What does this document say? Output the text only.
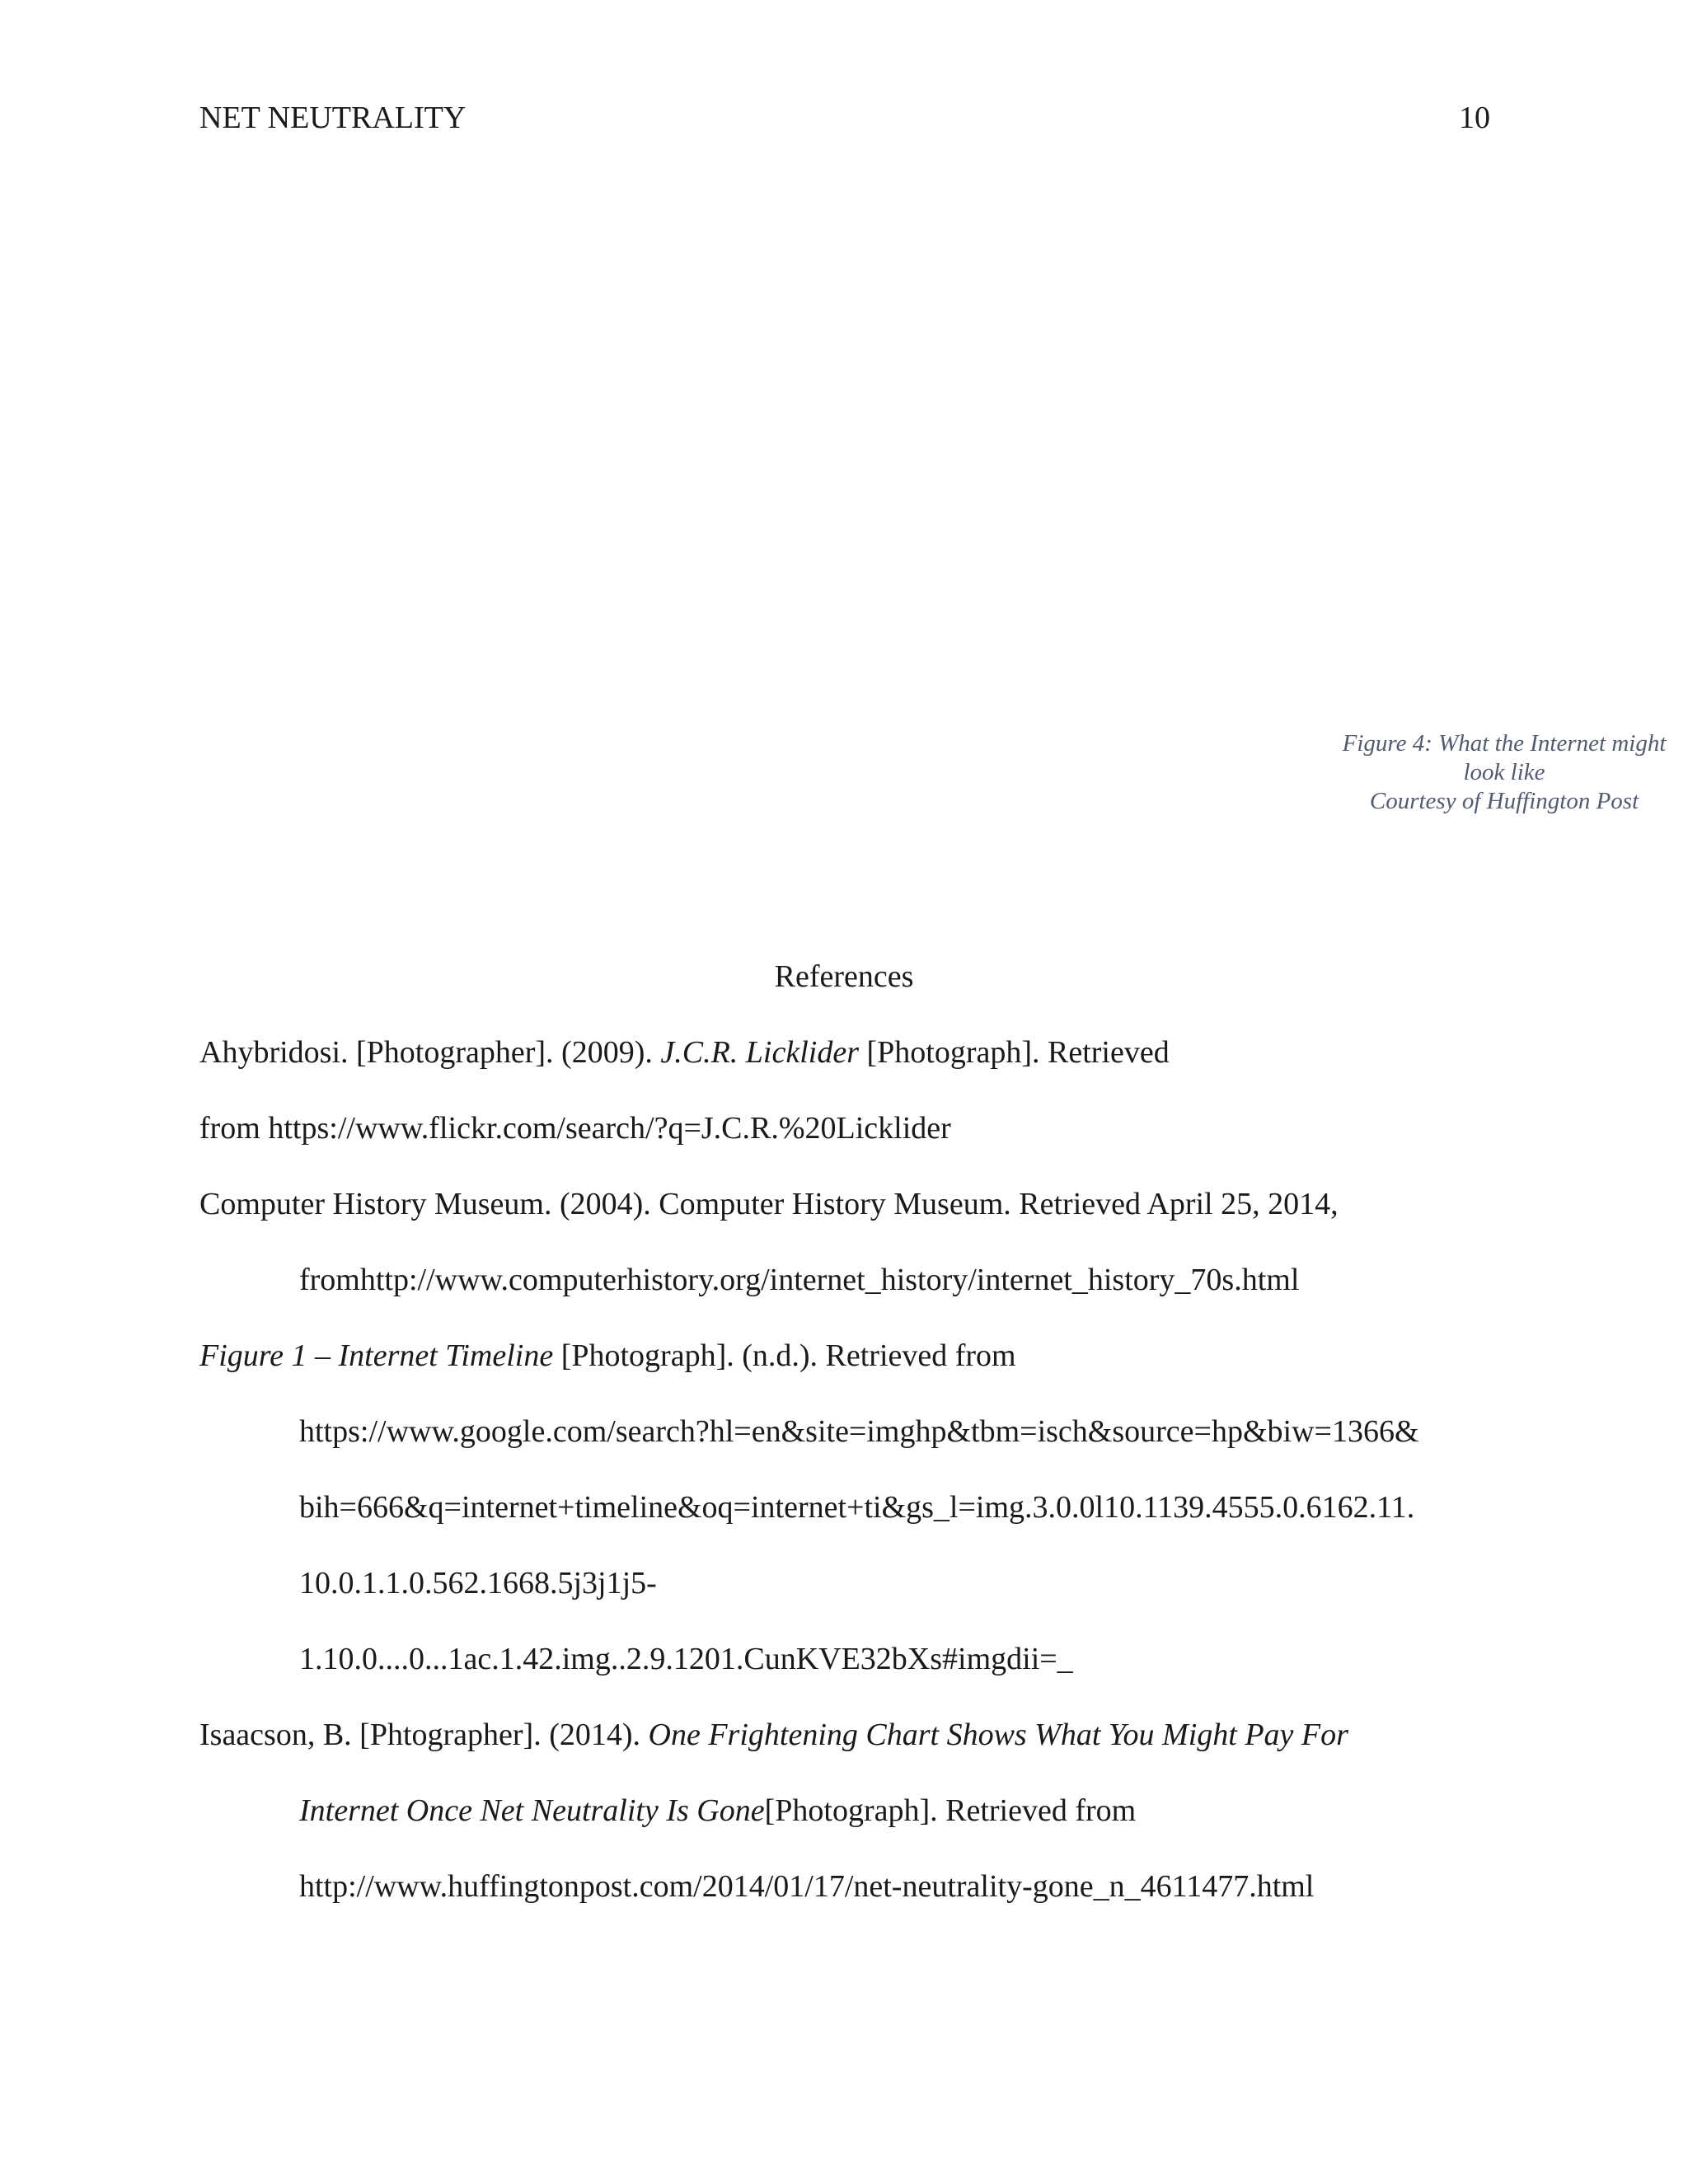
NET NEUTRALITY	10
Figure 4: What the Internet might
look like
Courtesy of Huffington Post
References
Ahybridosi. [Photographer]. (2009). J.C.R. Licklider [Photograph]. Retrieved
from https://www.flickr.com/search/?q=J.C.R.%20Licklider
Computer History Museum. (2004). Computer History Museum. Retrieved April 25, 2014,
fromhttp://www.computerhistory.org/internet_history/internet_history_70s.html
Figure 1 – Internet Timeline [Photograph]. (n.d.). Retrieved from
https://www.google.com/search?hl=en&site=imghp&tbm=isch&source=hp&biw=1366&
bih=666&q=internet+timeline&oq=internet+ti&gs_l=img.3.0.0l10.1139.4555.0.6162.11.
10.0.1.1.0.562.1668.5j3j1j5-
1.10.0....0...1ac.1.42.img..2.9.1201.CunKVE32bXs#imgdii=_
Isaacson, B. [Phtographer]. (2014). One Frightening Chart Shows What You Might Pay For
Internet Once Net Neutrality Is Gone[Photograph]. Retrieved from
http://www.huffingtonpost.com/2014/01/17/net-neutrality-gone_n_4611477.html
